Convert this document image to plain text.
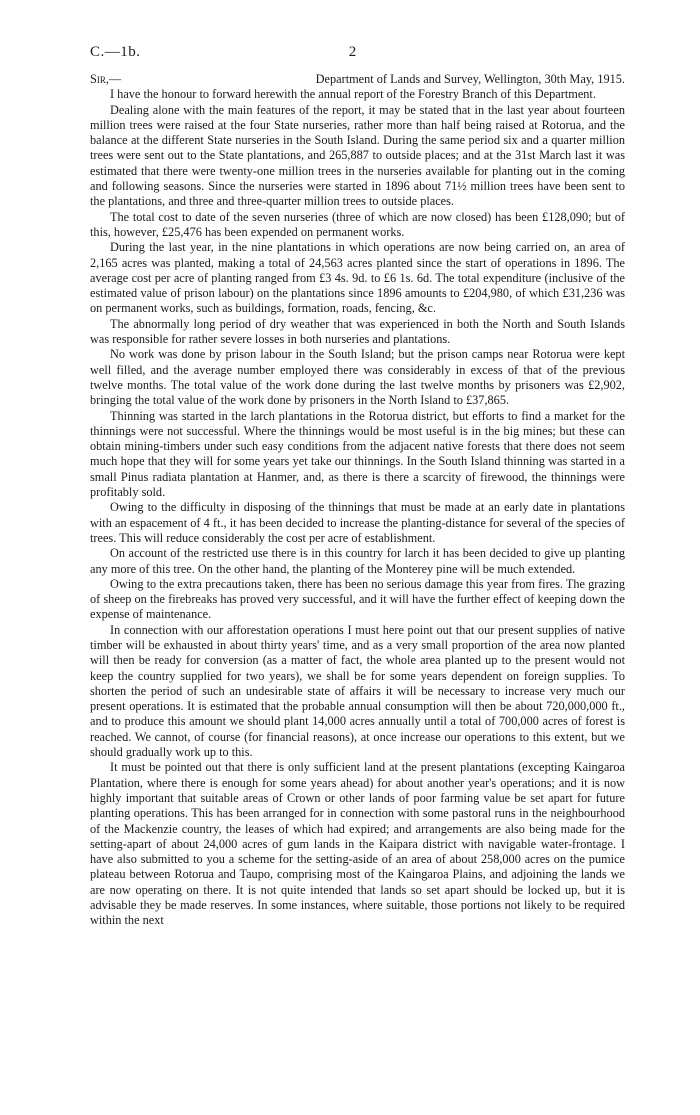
C.—1b.	2
Sir,—	Department of Lands and Survey, Wellington, 30th May, 1915.

I have the honour to forward herewith the annual report of the Forestry Branch of this Department.

Dealing alone with the main features of the report, it may be stated that in the last year about fourteen million trees were raised at the four State nurseries, rather more than half being raised at Rotorua, and the balance at the different State nurseries in the South Island. During the same period six and a quarter million trees were sent out to the State plantations, and 265,887 to outside places; and at the 31st March last it was estimated that there were twenty-one million trees in the nurseries available for planting out in the coming and following seasons. Since the nurseries were started in 1896 about 71½ million trees have been sent to the plantations, and three and three-quarter million trees to outside places.

The total cost to date of the seven nurseries (three of which are now closed) has been £128,090; but of this, however, £25,476 has been expended on permanent works.

During the last year, in the nine plantations in which operations are now being carried on, an area of 2,165 acres was planted, making a total of 24,563 acres planted since the start of operations in 1896. The average cost per acre of planting ranged from £3 4s. 9d. to £6 1s. 6d. The total expenditure (inclusive of the estimated value of prison labour) on the plantations since 1896 amounts to £204,980, of which £31,236 was on permanent works, such as buildings, formation, roads, fencing, &c.

The abnormally long period of dry weather that was experienced in both the North and South Islands was responsible for rather severe losses in both nurseries and plantations.

No work was done by prison labour in the South Island; but the prison camps near Rotorua were kept well filled, and the average number employed there was considerably in excess of that of the previous twelve months. The total value of the work done during the last twelve months by prisoners was £2,902, bringing the total value of the work done by prisoners in the North Island to £37,865.

Thinning was started in the larch plantations in the Rotorua district, but efforts to find a market for the thinnings were not successful. Where the thinnings would be most useful is in the big mines; but these can obtain mining-timbers under such easy conditions from the adjacent native forests that there does not seem much hope that they will for some years yet take our thinnings. In the South Island thinning was started in a small Pinus radiata plantation at Hanmer, and, as there is there a scarcity of firewood, the thinnings were profitably sold.

Owing to the difficulty in disposing of the thinnings that must be made at an early date in plantations with an espacement of 4 ft., it has been decided to increase the planting-distance for several of the species of trees. This will reduce considerably the cost per acre of establishment.

On account of the restricted use there is in this country for larch it has been decided to give up planting any more of this tree. On the other hand, the planting of the Monterey pine will be much extended.

Owing to the extra precautions taken, there has been no serious damage this year from fires. The grazing of sheep on the firebreaks has proved very successful, and it will have the further effect of keeping down the expense of maintenance.

In connection with our afforestation operations I must here point out that our present supplies of native timber will be exhausted in about thirty years' time, and as a very small proportion of the area now planted will then be ready for conversion (as a matter of fact, the whole area planted up to the present would not keep the country supplied for two years), we shall be for some years dependent on foreign supplies. To shorten the period of such an undesirable state of affairs it will be necessary to increase very much our present operations. It is estimated that the probable annual consumption will then be about 720,000,000 ft., and to produce this amount we should plant 14,000 acres annually until a total of 700,000 acres of forest is reached. We cannot, of course (for financial reasons), at once increase our operations to this extent, but we should gradually work up to this.

It must be pointed out that there is only sufficient land at the present plantations (excepting Kaingaroa Plantation, where there is enough for some years ahead) for about another year's operations; and it is now highly important that suitable areas of Crown or other lands of poor farming value be set apart for future planting operations. This has been arranged for in connection with some pastoral runs in the neighbourhood of the Mackenzie country, the leases of which had expired; and arrangements are also being made for the setting-apart of about 24,000 acres of gum lands in the Kaipara district with navigable water-frontage. I have also submitted to you a scheme for the setting-aside of an area of about 258,000 acres on the pumice plateau between Rotorua and Taupo, comprising most of the Kaingaroa Plains, and adjoining the lands we are now operating on there. It is not quite intended that lands so set apart should be locked up, but it is advisable they be made reserves. In some instances, where suitable, those portions not likely to be required within the next
